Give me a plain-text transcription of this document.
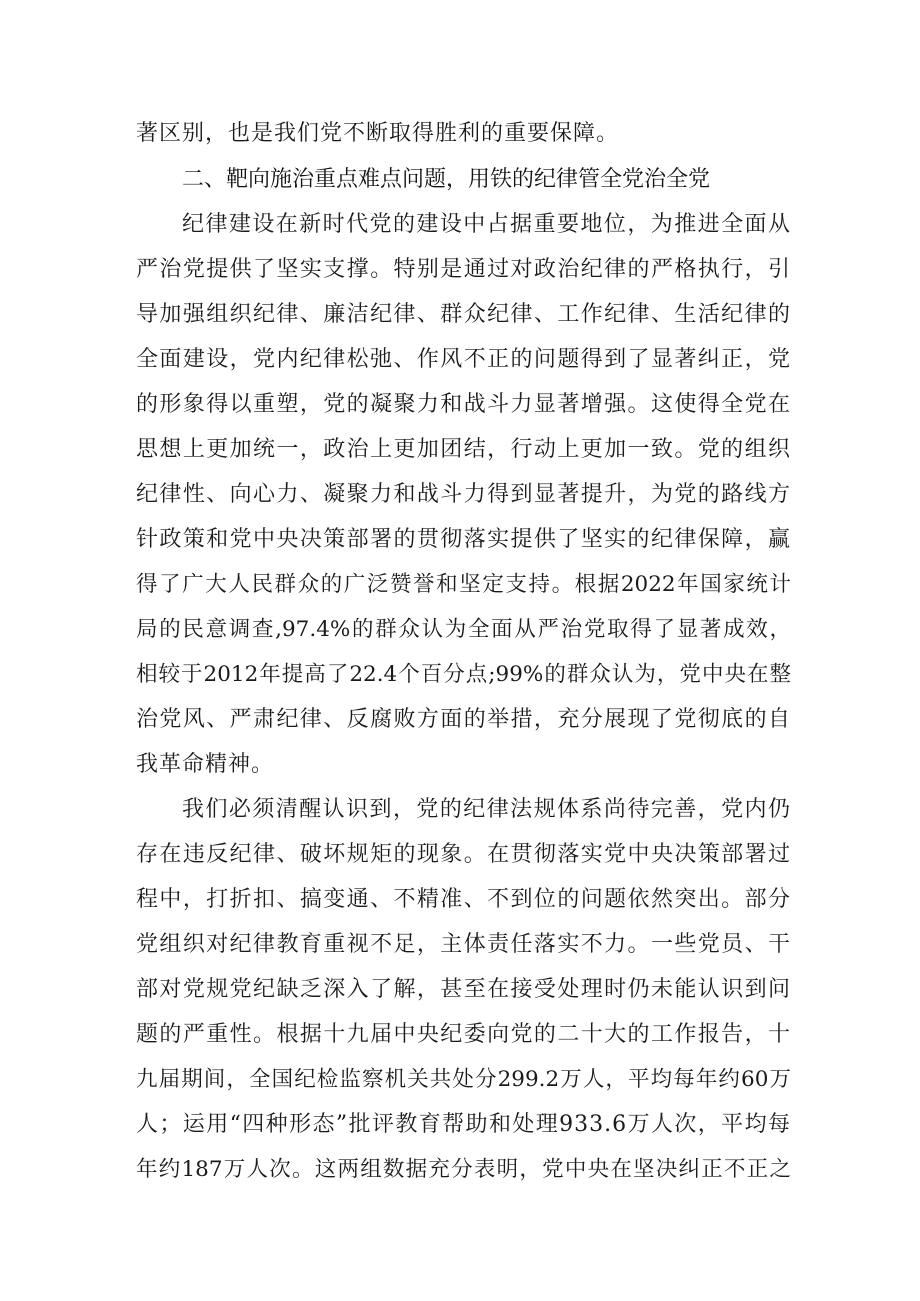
著区别，也是我们党不断取得胜利的重要保障。
二、靶向施治重点难点问题，用铁的纪律管全党治全党
纪律建设在新时代党的建设中占据重要地位，为推进全面从
严治党提供了坚实支撑。特别是通过对政治纪律的严格执行，引
导加强组织纪律、廉洁纪律、群众纪律、工作纪律、生活纪律的
全面建设，党内纪律松弛、作风不正的问题得到了显著纠正，党
的形象得以重塑，党的凝聚力和战斗力显著增强。这使得全党在
思想上更加统一，政治上更加团结，行动上更加一致。党的组织
纪律性、向心力、凝聚力和战斗力得到显著提升，为党的路线方
针政策和党中央决策部署的贯彻落实提供了坚实的纪律保障，赢
得了广大人民群众的广泛赞誉和坚定支持。根据2022年国家统计
局的民意调查,97.4%的群众认为全面从严治党取得了显著成效，
相较于2012年提高了22.4个百分点;99%的群众认为，党中央在整
治党风、严肃纪律、反腐败方面的举措，充分展现了党彻底的自
我革命精神。
我们必须清醒认识到，党的纪律法规体系尚待完善，党内仍
存在违反纪律、破坏规矩的现象。在贯彻落实党中央决策部署过
程中，打折扣、搞变通、不精准、不到位的问题依然突出。部分
党组织对纪律教育重视不足，主体责任落实不力。一些党员、干
部对党规党纪缺乏深入了解，甚至在接受处理时仍未能认识到问
题的严重性。根据十九届中央纪委向党的二十大的工作报告，十
九届期间，全国纪检监察机关共处分299.2万人，平均每年约60万
人；运用“四种形态”批评教育帮助和处理933.6万人次，平均每
年约187万人次。这两组数据充分表明，党中央在坚决纠正不正之
